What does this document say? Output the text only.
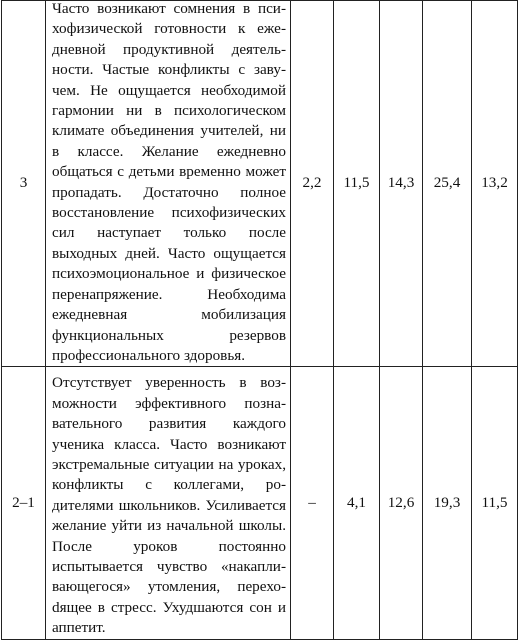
3	Часто возникают сомнения в психофизической готовности к ежедневной продуктивной деятельности. Частые конфликты с завучем. Не ощущается необходимой гармонии ни в психологическом климате объединения учителей, ни в классе. Желание ежедневно общаться с детьми временно может пропадать. Достаточно полное восстановление психофизических сил наступает только после выходных дней. Часто ощущается психоэмоциональное и физическое перенапряжение. Необходима ежедневная мобилизация функциональных резервов профессионального здоровья.	2,2	11,5	14,3	25,4	13,2
2–1	Отсутствует уверенность в возможности эффективного познавательного развития каждого ученика класса. Часто возникают экстремальные ситуации на уроках, конфликты с коллегами, родителями школьников. Усиливается желание уйти из начальной школы. После уроков постоянно испытывается чувство «накапливающегося» утомления, перехоdящее в стресс. Ухудшаются сон и аппетит.	–	4,1	12,6	19,3	11,5
